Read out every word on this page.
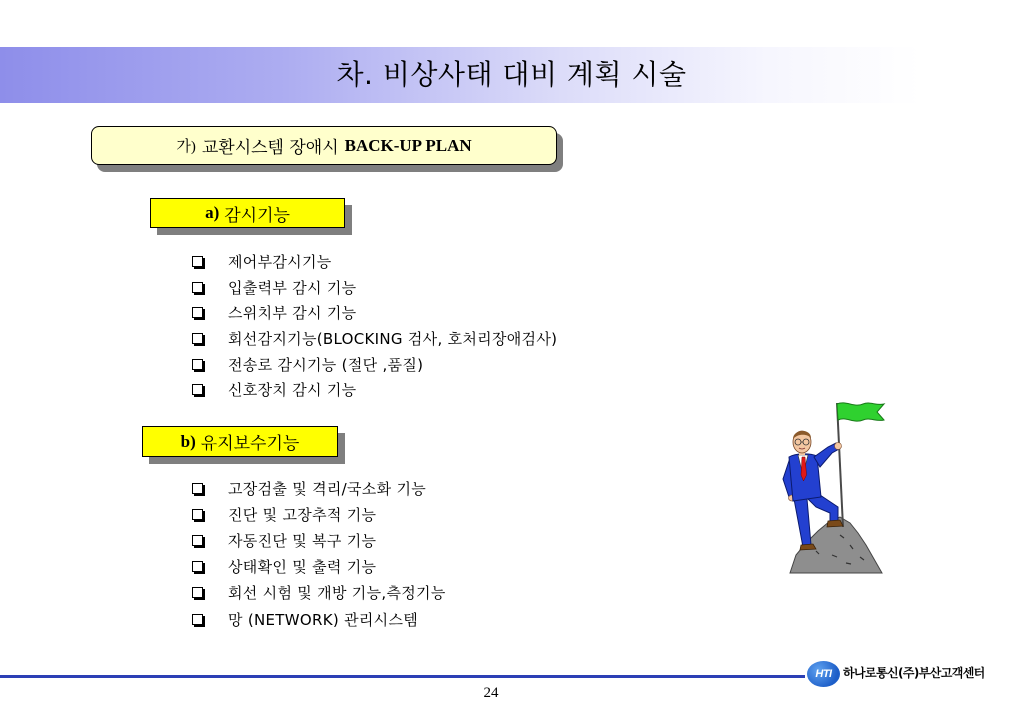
차. 비상사태 대비 계획 시술
가) 교환시스템 장애시 BACK-UP PLAN
a) 감시기능
제어부감시기능
입출력부 감시 기능
스위치부 감시 기능
회선감지기능(BLOCKING 검사, 호처리장애검사)
전송로 감시기능 (절단 ,품질)
신호장치 감시 기능
b) 유지보수기능
고장검출 및 격리/국소화 기능
진단 및 고장추적 기능
자동진단 및 복구 기능
상태확인 및 출력 기능
회선 시험 및 개방 기능,측정기능
망 (NETWORK) 관리시스템
HTI 하나로통신(주)부산고객센터
24
